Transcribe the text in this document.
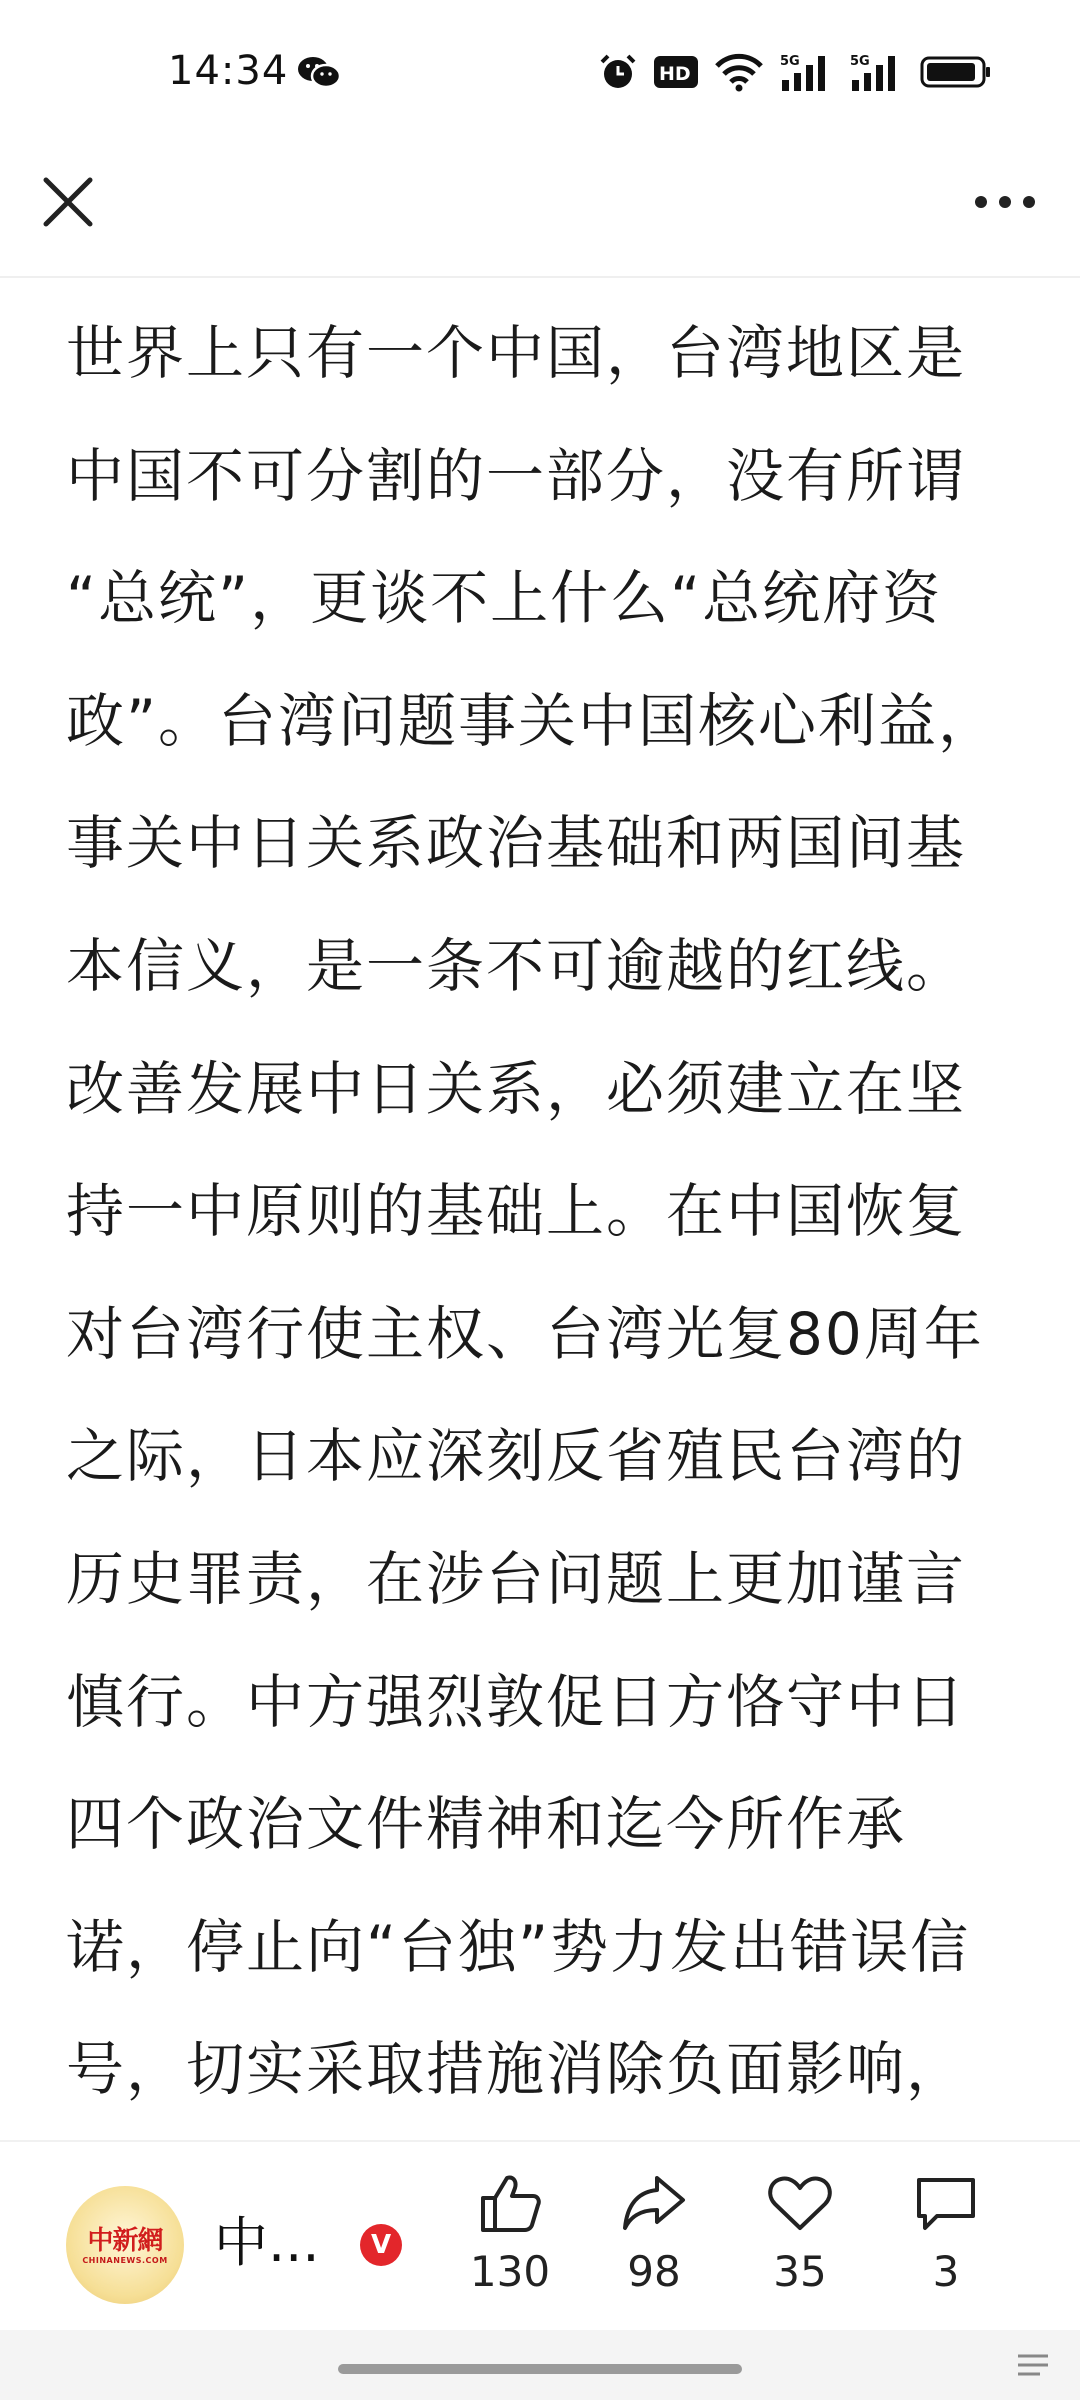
14:34	HD
5G	5G

世界上只有一个中国，台湾地区是

中国不可分割的一部分，没有所谓

“总统”，更谈不上什么“总统府资

政”。台湾问题事关中国核心利益，

事关中日关系政治基础和两国间基

本信义，是一条不可逾越的红线。

改善发展中日关系，必须建立在坚

持一中原则的基础上。在中国恢复

对台湾行使主权、台湾光复80周年

之际，日本应深刻反省殖民台湾的

历史罪责，在涉台问题上更加谨言

慎行。中方强烈敦促日方恪守中日

四个政治文件精神和迄今所作承

诺，停止向“台独”势力发出错误信

号，切实采取措施消除负面影响，

中新網
CHINANEWS.COM 中...	V
130	98	35	3
